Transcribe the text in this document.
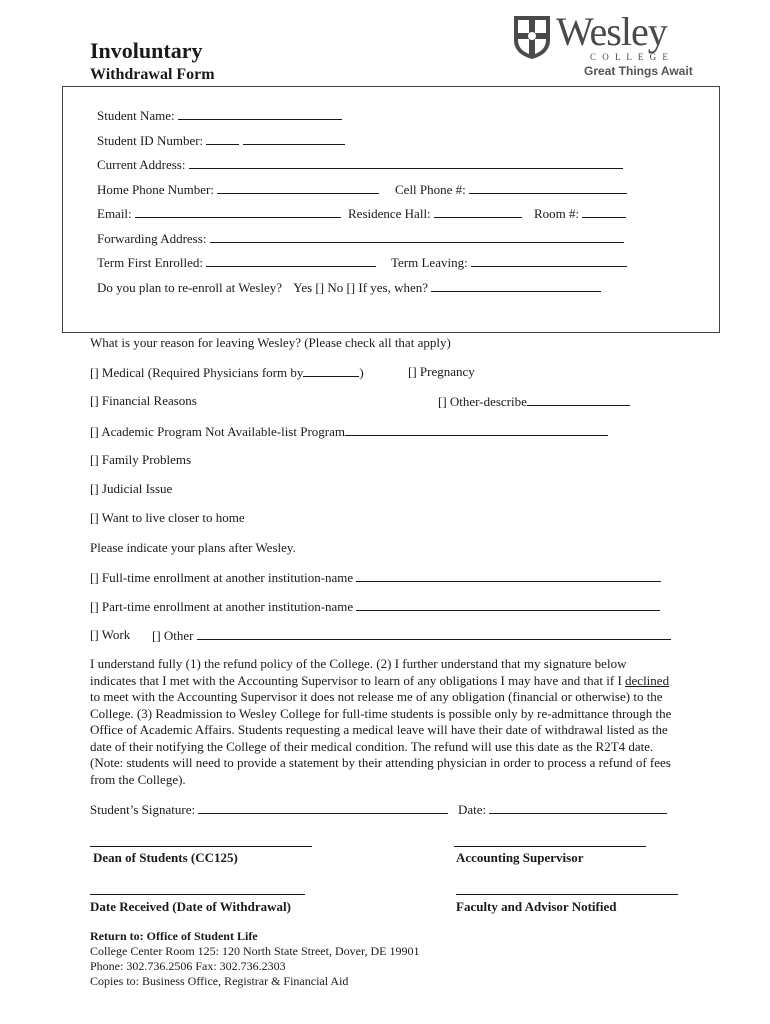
Involuntary
Withdrawal Form
Wesley
C O L L E G E
Great Things Await
Student Name:
Student ID Number:
Current Address:
Home Phone Number:	Cell Phone #:
Email:	Residence Hall:	Room #:
Forwarding Address:
Term First Enrolled:	Term Leaving:
Do you plan to re-enroll at Wesley? Yes [] No [] If yes, when?
What is your reason for leaving Wesley? (Please check all that apply)
[] Medical (Required Physicians form by	)	[] Pregnancy
[] Financial Reasons	[] Other-describe
[] Academic Program Not Available-list Program
[] Family Problems
[] Judicial Issue
[] Want to live closer to home
Please indicate your plans after Wesley.
[] Full-time enrollment at another institution-name
[] Part-time enrollment at another institution-name
[] Work [] Other
I understand fully (1) the refund policy of the College. (2) I further understand that my signature below indicates that I met with the Accounting Supervisor to learn of any obligations I may have and that if I declined to meet with the Accounting Supervisor it does not release me of any obligation (financial or otherwise) to the College. (3) Readmission to Wesley College for full-time students is possible only by re-admittance through the Office of Academic Affairs. Students requesting a medical leave will have their date of withdrawal listed as the date of their notifying the College of their medical condition. The refund will use this date as the R2T4 date. (Note: students will need to provide a statement by their attending physician in order to process a refund of fees from the College).
Student’s Signature:	Date:
Dean of Students (CC125)	Accounting Supervisor
Date Received (Date of Withdrawal)	Faculty and Advisor Notified
Return to: Office of Student Life
College Center Room 125: 120 North State Street, Dover, DE 19901
Phone: 302.736.2506 Fax: 302.736.2303
Copies to: Business Office, Registrar & Financial Aid
